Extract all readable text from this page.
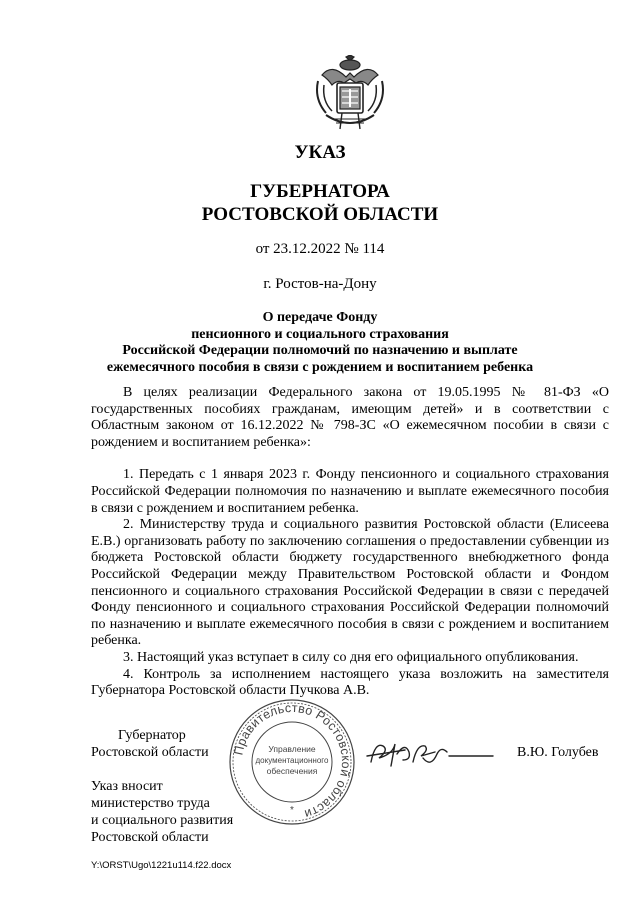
УКАЗ
ГУБЕРНАТОРА
РОСТОВСКОЙ ОБЛАСТИ
от 23.12.2022 № 114
г. Ростов-на-Дону
О передаче Фонду
пенсионного и социального страхования
Российской Федерации полномочий по назначению и выплате
ежемесячного пособия в связи с рождением и воспитанием ребенка

В целях реализации Федерального закона от 19.05.1995 № 81-ФЗ «О государственных пособиях гражданам, имеющим детей» и в соответствии с Областным законом от 16.12.2022 № 798-ЗС «О ежемесячном пособии в связи с рождением и воспитанием ребенка»:

1. Передать с 1 января 2023 г. Фонду пенсионного и социального страхования Российской Федерации полномочия по назначению и выплате ежемесячного пособия в связи с рождением и воспитанием ребенка.

2. Министерству труда и социального развития Ростовской области (Елисеева Е.В.) организовать работу по заключению соглашения о предоставлении субвенции из бюджета Ростовской области бюджету государственного внебюджетного фонда Российской Федерации между Правительством Ростовской области и Фондом пенсионного и социального страхования Российской Федерации в связи с передачей Фонду пенсионного и социального страхования Российской Федерации полномочий по назначению и выплате ежемесячного пособия в связи с рождением и воспитанием ребенка.

3. Настоящий указ вступает в силу со дня его официального опубликования.

4. Контроль за исполнением настоящего указа возложить на заместителя Губернатора Ростовской области Пучкова А.В.

Губернатор
Ростовской области	В.Ю. Голубев
Правительство Ростовской области
Управление
документационного
обеспечения
*
Указ вносит
министерство труда
и социального развития
Ростовской области
Y:\ORST\Ugo\1221u114.f22.docx
